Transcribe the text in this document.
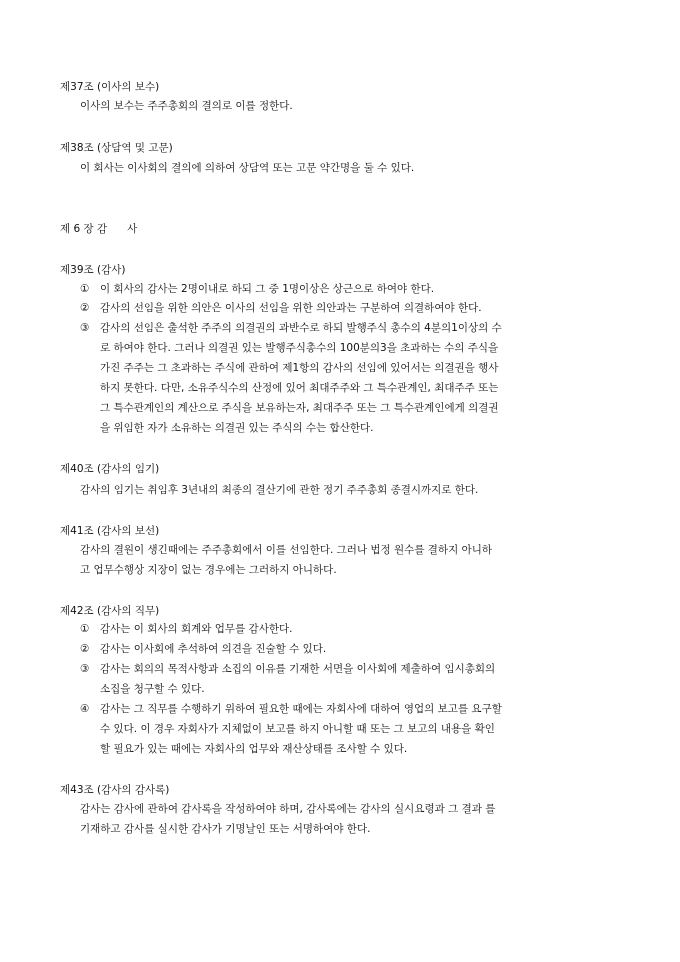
제37조 (이사의 보수)
이사의 보수는 주주총회의 결의로 이를 정한다.
제38조 (상담역 및 고문)
이 회사는 이사회의 결의에 의하여 상담역 또는 고문 약간명을 둘 수 있다.
제 6 장 감      사
제39조 (감사)
①	이 회사의 감사는 2명이내로 하되 그 중 1명이상은 상근으로 하여야 한다.
②	감사의 선임을 위한 의안은 이사의 선임을 위한 의안과는 구분하여 의결하여야 한다.
③	감사의 선임은 출석한 주주의 의결권의 과반수로 하되 발행주식 총수의 4분의1이상의 수
로 하여야 한다. 그러나 의결권 있는 발행주식총수의 100분의3을 초과하는 수의 주식을
가진 주주는 그 초과하는 주식에 관하여 제1항의 감사의 선임에 있어서는 의결권을 행사
하지 못한다. 다만, 소유주식수의 산정에 있어 최대주주와 그 특수관계인, 최대주주 또는
그 특수관계인의 계산으로 주식을 보유하는자, 최대주주 또는 그 특수관계인에게 의결권
을 위임한 자가 소유하는 의결권 있는 주식의 수는 합산한다.
제40조 (감사의 임기)
감사의 임기는 취임후 3년내의 최종의 결산기에 관한 정기 주주총회 종결시까지로 한다.
제41조 (감사의 보선)
감사의 결원이 생긴때에는 주주총회에서 이를 선임한다. 그러나 법정 원수를 결하지 아니하
고 업무수행상 지장이 없는 경우에는 그러하지 아니하다.
제42조 (감사의 직무)
①	감사는 이 회사의 회계와 업무를 감사한다.
②	감사는 이사회에 추석하여 의견을 진술할 수 있다.
③	감사는 회의의 목적사항과 소집의 이유를 기재한 서면을 이사회에 제출하여 임시총회의
소집을 청구할 수 있다.
④	감사는 그 직무를 수행하기 위하여 필요한 때에는 자회사에 대하여 영업의 보고를 요구할
수 있다. 이 경우 자회사가 지체없이 보고를 하지 아니할 때 또는 그 보고의 내용을 확인
할 필요가 있는 때에는 자회사의 업무와 재산상태를 조사할 수 있다.
제43조 (감사의 감사록)
감사는 감사에 관하여 감사록을 작성하여야 하며, 감사록에는 감사의 실시요령과 그 결과 를
기재하고 감사를 실시한 감사가 기명날인 또는 서명하여야 한다.
